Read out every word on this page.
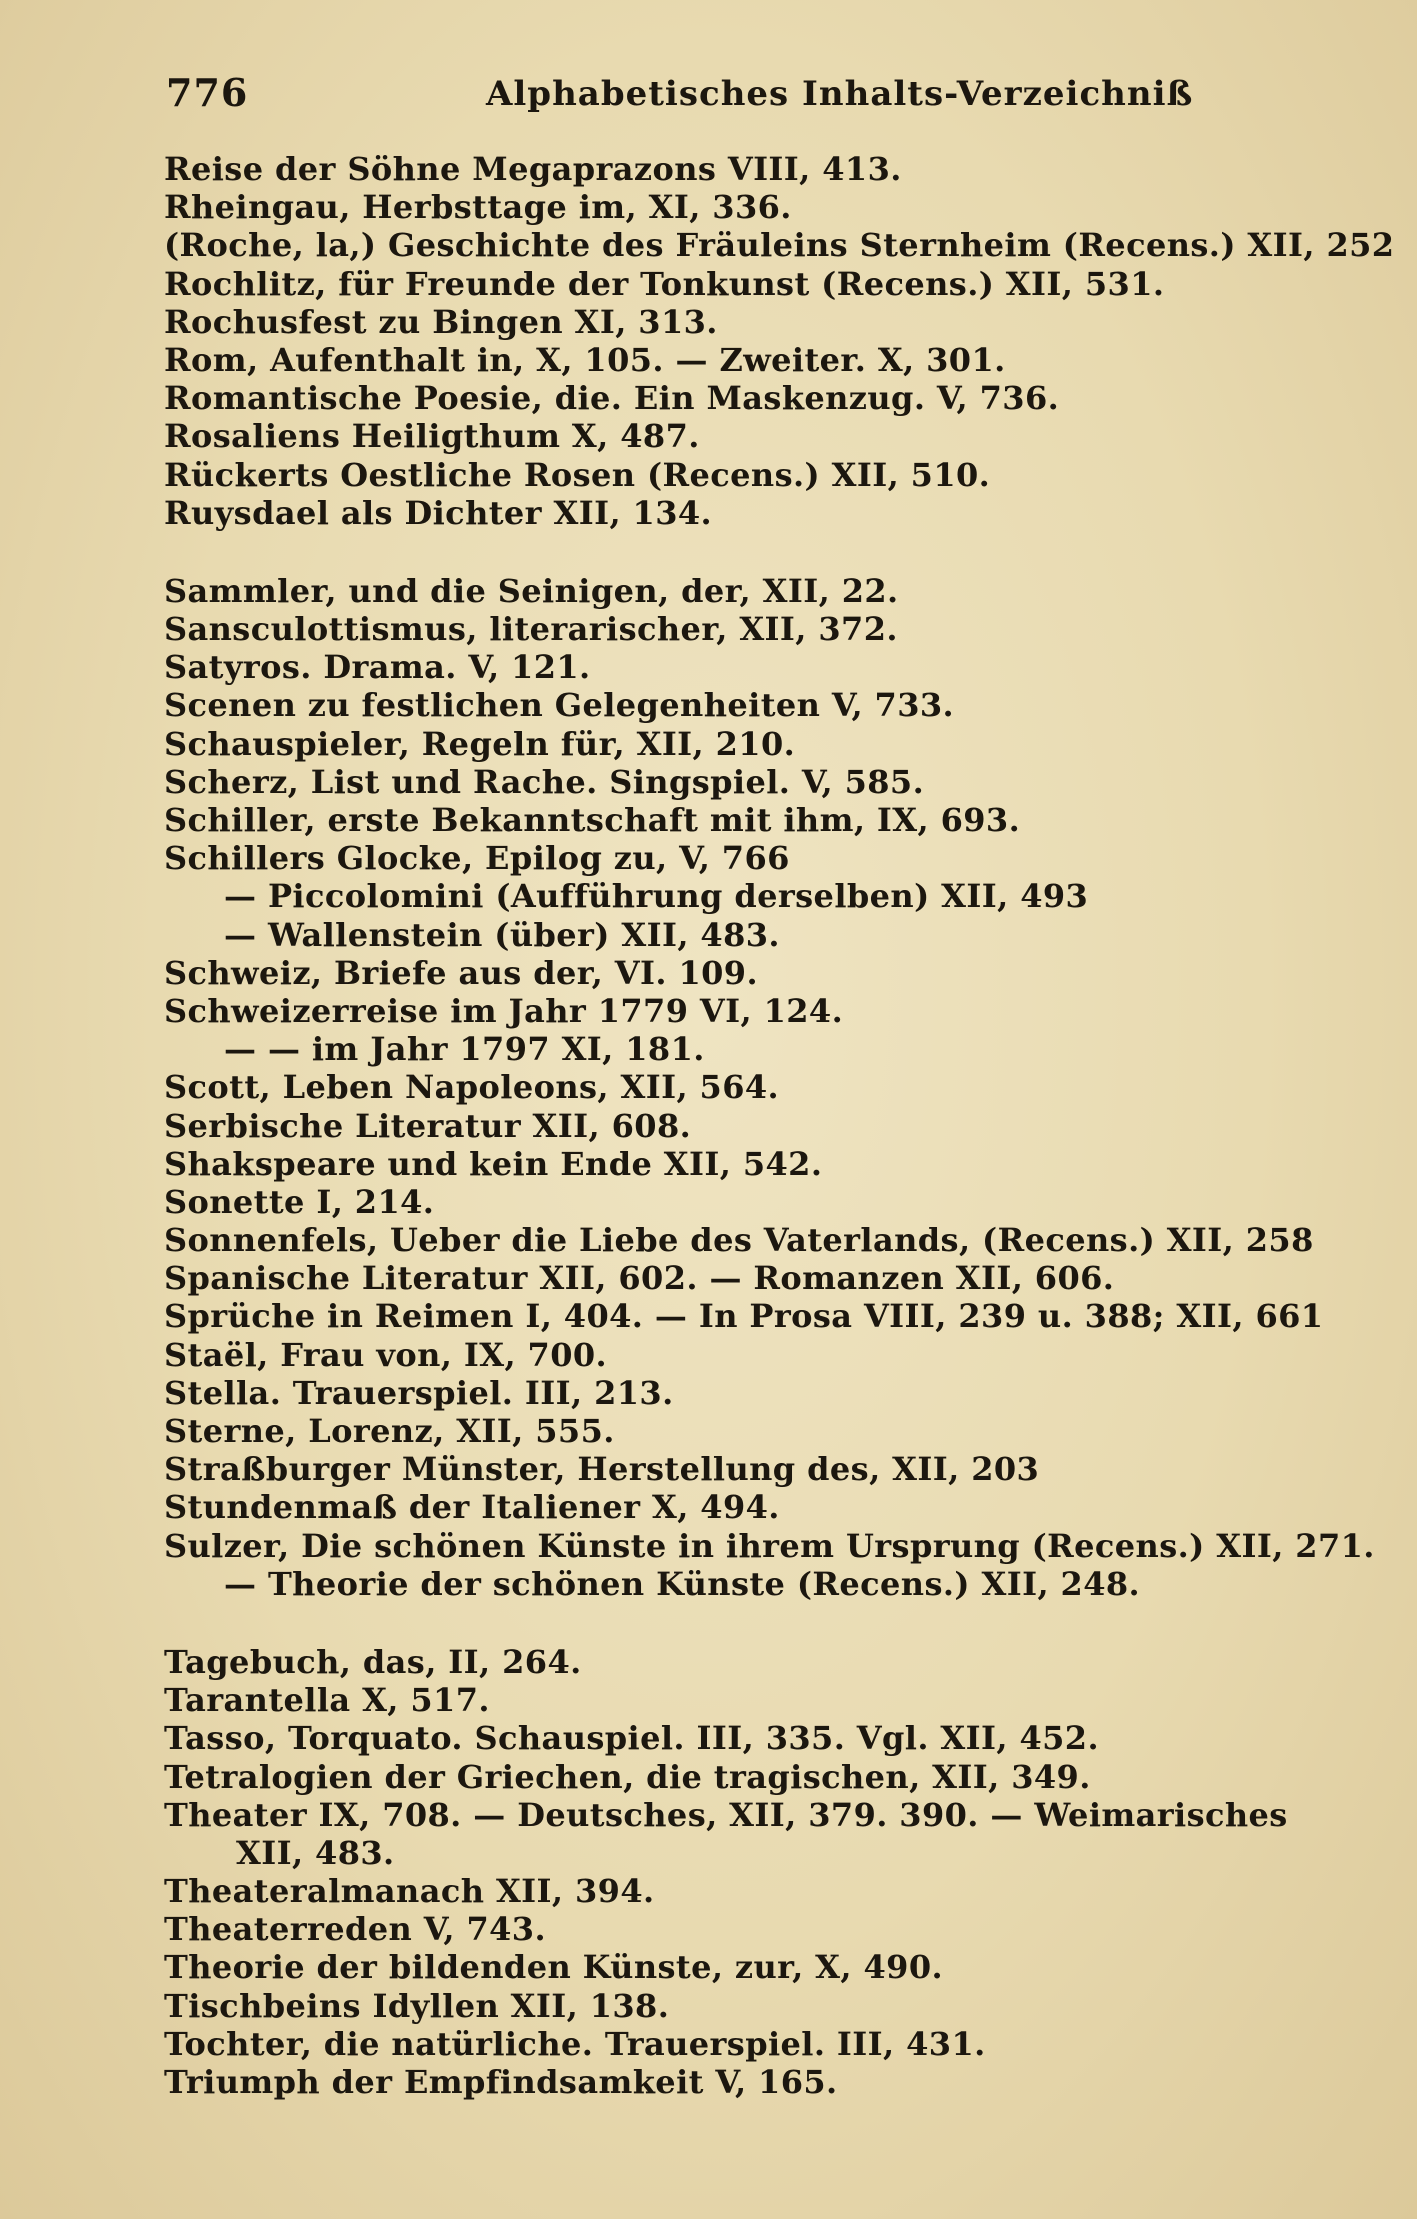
776	Alphabetisches Inhalts-Verzeichniß
Reise der Söhne Megaprazons VIII, 413.
Rheingau, Herbsttage im, XI, 336.
(Roche, la,) Geschichte des Fräuleins Sternheim (Recens.) XII, 252
Rochlitz, für Freunde der Tonkunst (Recens.) XII, 531.
Rochusfest zu Bingen XI, 313.
Rom, Aufenthalt in, X, 105. — Zweiter. X, 301.
Romantische Poesie, die. Ein Maskenzug. V, 736.
Rosaliens Heiligthum X, 487.
Rückerts Oestliche Rosen (Recens.) XII, 510.
Ruysdael als Dichter XII, 134.
Sammler, und die Seinigen, der, XII, 22.
Sansculottismus, literarischer, XII, 372.
Satyros. Drama. V, 121.
Scenen zu festlichen Gelegenheiten V, 733.
Schauspieler, Regeln für, XII, 210.
Scherz, List und Rache. Singspiel. V, 585.
Schiller, erste Bekanntschaft mit ihm, IX, 693.
Schillers Glocke, Epilog zu, V, 766
— Piccolomini (Aufführung derselben) XII, 493
— Wallenstein (über) XII, 483.
Schweiz, Briefe aus der, VI. 109.
Schweizerreise im Jahr 1779 VI, 124.
— — im Jahr 1797 XI, 181.
Scott, Leben Napoleons, XII, 564.
Serbische Literatur XII, 608.
Shakspeare und kein Ende XII, 542.
Sonette I, 214.
Sonnenfels, Ueber die Liebe des Vaterlands, (Recens.) XII, 258
Spanische Literatur XII, 602. — Romanzen XII, 606.
Sprüche in Reimen I, 404. — In Prosa VIII, 239 u. 388; XII, 661
Staël, Frau von, IX, 700.
Stella. Trauerspiel. III, 213.
Sterne, Lorenz, XII, 555.
Straßburger Münster, Herstellung des, XII, 203
Stundenmaß der Italiener X, 494.
Sulzer, Die schönen Künste in ihrem Ursprung (Recens.) XII, 271.
— Theorie der schönen Künste (Recens.) XII, 248.
Tagebuch, das, II, 264.
Tarantella X, 517.
Tasso, Torquato. Schauspiel. III, 335. Vgl. XII, 452.
Tetralogien der Griechen, die tragischen, XII, 349.
Theater IX, 708. — Deutsches, XII, 379. 390. — Weimarisches
XII, 483.
Theateralmanach XII, 394.
Theaterreden V, 743.
Theorie der bildenden Künste, zur, X, 490.
Tischbeins Idyllen XII, 138.
Tochter, die natürliche. Trauerspiel. III, 431.
Triumph der Empfindsamkeit V, 165.
